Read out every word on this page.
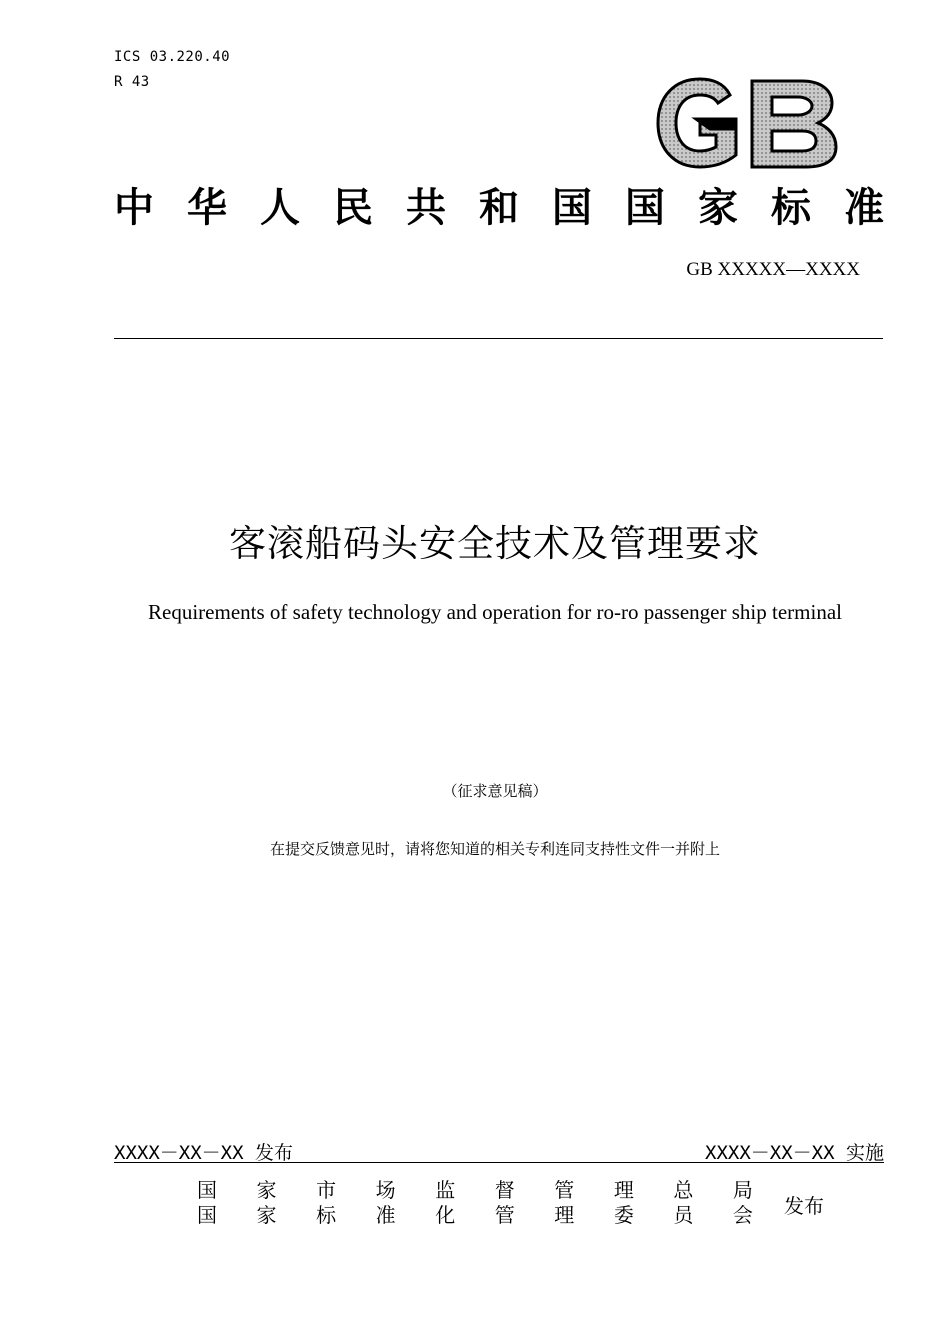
ICS 03.220.40
R 43
中 华 人 民 共 和 国 国 家 标 准
GB XXXXX—XXXX
客滚船码头安全技术及管理要求
Requirements of safety technology and operation for ro-ro passenger ship terminal
（征求意见稿）
在提交反馈意见时，请将您知道的相关专利连同支持性文件一并附上
XXXX－XX－XX 发布	XXXX－XX－XX 实施
国 家 市 场 监 督 管 理 总 局
国 家 标 准 化 管 理 委 员 会 发布
